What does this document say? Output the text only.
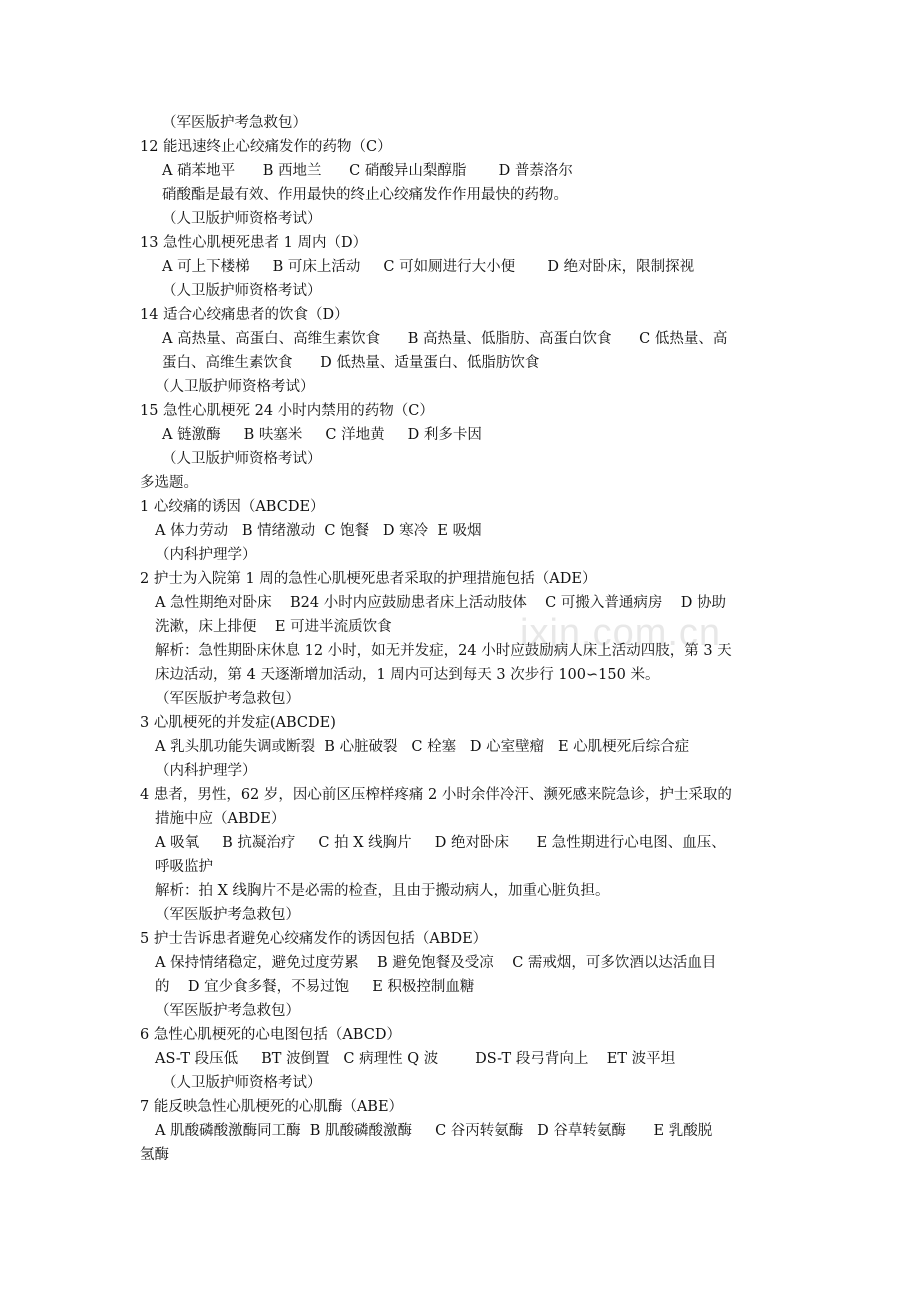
ixin.com.cn
（军医版护考急救包）
12 能迅速终止心绞痛发作的药物（C）
A 硝苯地平      B 西地兰      C 硝酸异山梨醇脂       D 普萘洛尔
硝酸酯是最有效、作用最快的终止心绞痛发作作用最快的药物。
（人卫版护师资格考试）
13 急性心肌梗死患者 1 周内（D）
A 可上下楼梯     B 可床上活动     C 可如厕进行大小便       D 绝对卧床，限制探视
（人卫版护师资格考试）
14 适合心绞痛患者的饮食（D）
A 高热量、高蛋白、高维生素饮食      B 高热量、低脂肪、高蛋白饮食      C 低热量、高
蛋白、高维生素饮食      D 低热量、适量蛋白、低脂肪饮食
（人卫版护师资格考试）
15 急性心肌梗死 24 小时内禁用的药物（C）
A 链激酶     B 呋塞米     C 洋地黄     D 利多卡因
（人卫版护师资格考试）
多选题。
1 心绞痛的诱因（ABCDE）
A 体力劳动   B 情绪激动  C 饱餐   D 寒冷  E 吸烟
（内科护理学）
2 护士为入院第 1 周的急性心肌梗死患者采取的护理措施包括（ADE）
A 急性期绝对卧床    B24 小时内应鼓励患者床上活动肢体    C 可搬入普通病房    D 协助
洗漱，床上排便    E 可进半流质饮食
解析：急性期卧床休息 12 小时，如无并发症，24 小时应鼓励病人床上活动四肢，第 3 天
床边活动，第 4 天逐渐增加活动，1 周内可达到每天 3 次步行 100∽150 米。
（军医版护考急救包）
3 心肌梗死的并发症(ABCDE)
A 乳头肌功能失调或断裂  B 心脏破裂   C 栓塞   D 心室壁瘤   E 心肌梗死后综合症
（内科护理学）
4 患者，男性，62 岁，因心前区压榨样疼痛 2 小时余伴冷汗、濒死感来院急诊，护士采取的
措施中应（ABDE）
A 吸氧     B 抗凝治疗     C 拍 X 线胸片     D 绝对卧床      E 急性期进行心电图、血压、
呼吸监护
解析：拍 X 线胸片不是必需的检查，且由于搬动病人，加重心脏负担。
（军医版护考急救包）
5 护士告诉患者避免心绞痛发作的诱因包括（ABDE）
A 保持情绪稳定，避免过度劳累    B 避免饱餐及受凉    C 需戒烟，可多饮酒以达活血目
的    D 宜少食多餐，不易过饱     E 积极控制血糖
（军医版护考急救包）
6 急性心肌梗死的心电图包括（ABCD）
AS-T 段压低     BT 波倒置   C 病理性 Q 波        DS-T 段弓背向上    ET 波平坦
（人卫版护师资格考试）
7 能反映急性心肌梗死的心肌酶（ABE）
A 肌酸磷酸激酶同工酶  B 肌酸磷酸激酶     C 谷丙转氨酶   D 谷草转氨酶      E 乳酸脱
氢酶
